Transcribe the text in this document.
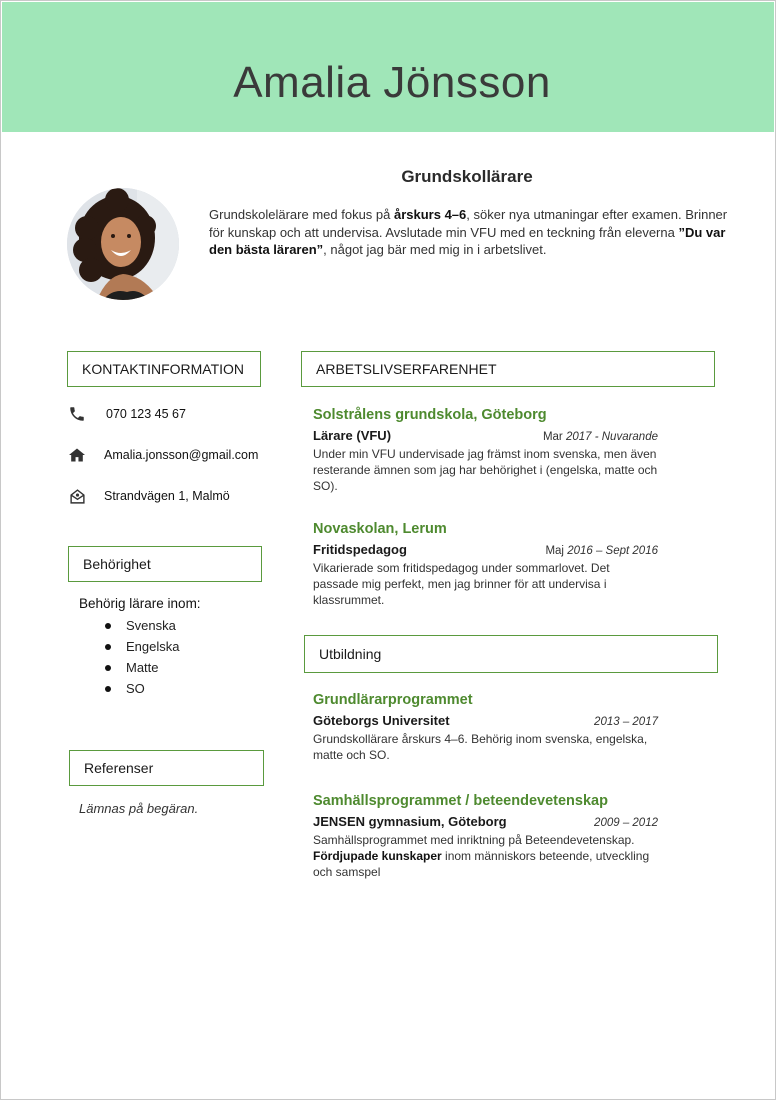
Amalia Jönsson
Grundskollärare
Grundskolelärare med fokus på årskurs 4–6, söker nya utmaningar efter examen. Brinner för kunskap och att undervisa. Avslutade min VFU med en teckning från eleverna ”Du var den bästa läraren”, något jag bär med mig in i arbetslivet.
KONTAKTINFORMATION
070 123 45 67
Amalia.jonsson@gmail.com
Strandvägen 1, Malmö
Behörighet
Behörig lärare inom:
Svenska
Engelska
Matte
SO
Referenser
Lämnas på begäran.
ARBETSLIVSERFARENHET
Solstrålens grundskola, Göteborg
Lärare (VFU)	Mar 2017 - Nuvarande
Under min VFU undervisade jag främst inom svenska, men även resterande ämnen som jag har behörighet i (engelska, matte och SO).
Novaskolan, Lerum
Fritidspedagog	Maj 2016 – Sept 2016
Vikarierade som fritidspedagog under sommarlovet. Det passade mig perfekt, men jag brinner för att undervisa i klassrummet.
Utbildning
Grundlärarprogrammet
Göteborgs Universitet	2013 – 2017
Grundskollärare årskurs 4–6. Behörig inom svenska, engelska, matte och SO.
Samhällsprogrammet / beteendevetenskap
JENSEN gymnasium, Göteborg	2009 – 2012
Samhällsprogrammet med inriktning på Beteendevetenskap.
Fördjupade kunskaper inom människors beteende, utveckling och samspel
